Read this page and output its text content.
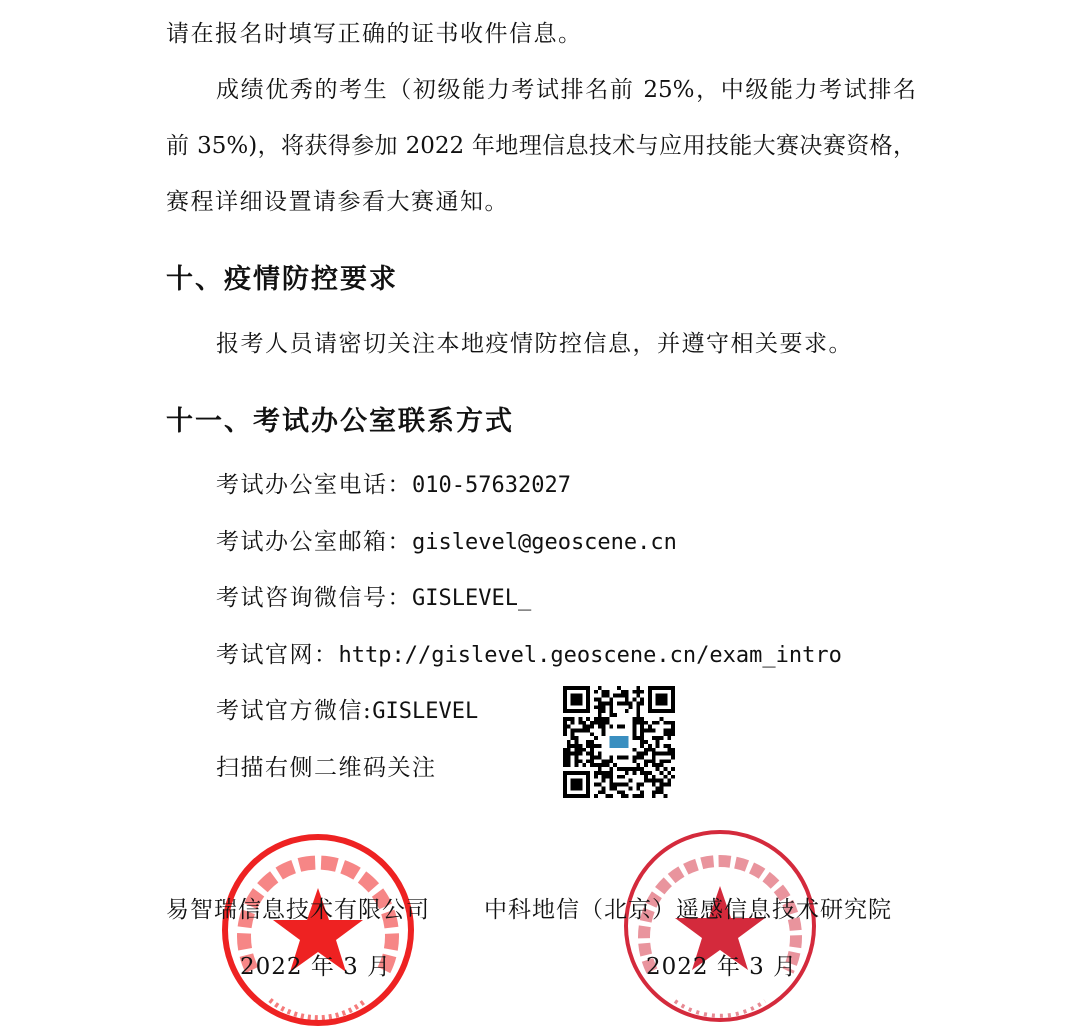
请在报名时填写正确的证书收件信息。
成绩优秀的考生（初级能力考试排名前 25%，中级能力考试排名
前 35%)，将获得参加 2022 年地理信息技术与应用技能大赛决赛资格，
赛程详细设置请参看大赛通知。
十、疫情防控要求
报考人员请密切关注本地疫情防控信息，并遵守相关要求。
十一、考试办公室联系方式
考试办公室电话：010-57632027
考试办公室邮箱：gislevel@geoscene.cn
考试咨询微信号：GISLEVEL_
考试官网：http://gislevel.geoscene.cn/exam_intro
考试官方微信:GISLEVEL
扫描右侧二维码关注
易智瑞信息技术有限公司
2022 年 3 月
中科地信（北京）遥感信息技术研究院
2022 年 3 月
